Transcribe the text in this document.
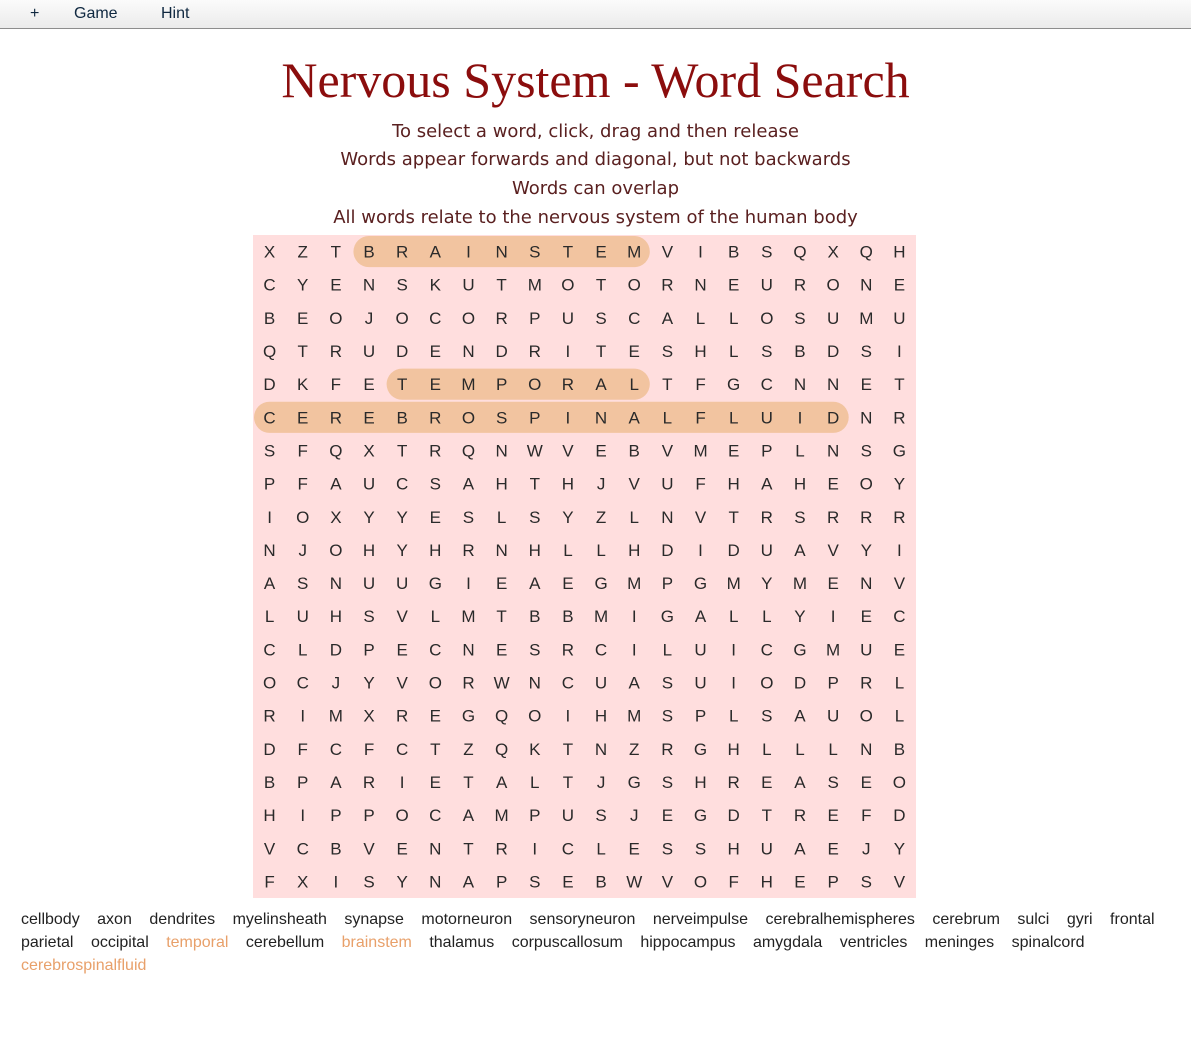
+ Game	Hint
Nervous System - Word Search
To select a word, click, drag and then release
Words appear forwards and diagonal, but not backwards
Words can overlap
All words relate to the nervous system of the human body
X Z T B R A I N S T E M V I B S Q X Q H
C Y E N S K U T M O T O R N E U R O N E
B E O J O C O R P U S C A L L O S U M U
Q T R U D E N D R I T E S H L S B D S I
D K F E T E M P O R A L T F G C N N E T
C E R E B R O S P I N A L F L U I D N R
S F Q X T R Q N W V E B V M E P L N S G
P F A U C S A H T H J V U F H A H E O Y
I O X Y Y E S L S Y Z L N V T R S R R R
N J O H Y H R N H L L H D I D U A V Y I
A S N U U G I E A E G M P G M Y M E N V
L U H S V L M T B B M I G A L L Y I E C
C L D P E C N E S R C I L U I C G M U E
O C J Y V O R W N C U A S U I O D P R L
R I M X R E G Q O I H M S P L S A U O L
D F C F C T Z Q K T N Z R G H L L L N B
B P A R I E T A L T J G S H R E A S E O
H I P P O C A M P U S J E G D T R E F D
V C B V E N T R I C L E S S H U A E J Y
F X I S Y N A P S E B W V O F H E P S V
cellbody axon dendrites myelinsheath synapse motorneuron sensoryneuron nerveimpulse cerebralhemispheres cerebrum sulci gyri frontal parietal occipital temporal cerebellum brainstem thalamus corpuscallosum hippocampus amygdala ventricles meninges spinalcord cerebrospinalfluid
